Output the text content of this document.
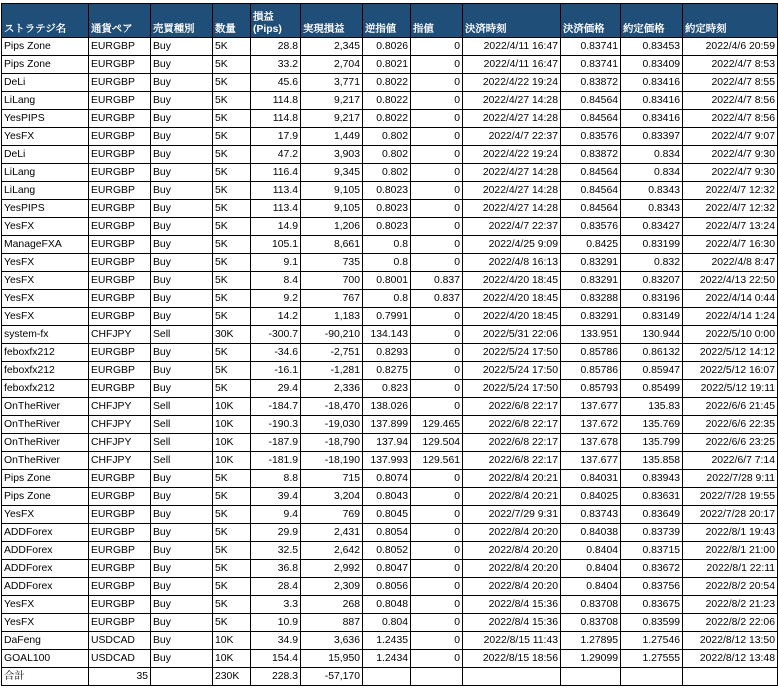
ストラテジ名	通貨ペア	売買種別	数量	損益
(Pips)	実現損益	逆指値	指値	決済時刻	決済価格	約定価格	約定時刻
Pips Zone	EURGBP	Buy	5K	28.8	2,345	0.8026	0	2022/4/11 16:47	0.83741	0.83453	2022/4/6 20:59
Pips Zone	EURGBP	Buy	5K	33.2	2,704	0.8021	0	2022/4/11 16:47	0.83741	0.83409	2022/4/7 8:53
DeLi	EURGBP	Buy	5K	45.6	3,771	0.8022	0	2022/4/22 19:24	0.83872	0.83416	2022/4/7 8:55
LiLang	EURGBP	Buy	5K	114.8	9,217	0.8022	0	2022/4/27 14:28	0.84564	0.83416	2022/4/7 8:56
YesPIPS	EURGBP	Buy	5K	114.8	9,217	0.8022	0	2022/4/27 14:28	0.84564	0.83416	2022/4/7 8:56
YesFX	EURGBP	Buy	5K	17.9	1,449	0.802	0	2022/4/7 22:37	0.83576	0.83397	2022/4/7 9:07
DeLi	EURGBP	Buy	5K	47.2	3,903	0.802	0	2022/4/22 19:24	0.83872	0.834	2022/4/7 9:30
LiLang	EURGBP	Buy	5K	116.4	9,345	0.802	0	2022/4/27 14:28	0.84564	0.834	2022/4/7 9:30
LiLang	EURGBP	Buy	5K	113.4	9,105	0.8023	0	2022/4/27 14:28	0.84564	0.8343	2022/4/7 12:32
YesPIPS	EURGBP	Buy	5K	113.4	9,105	0.8023	0	2022/4/27 14:28	0.84564	0.8343	2022/4/7 12:32
YesFX	EURGBP	Buy	5K	14.9	1,206	0.8023	0	2022/4/7 22:37	0.83576	0.83427	2022/4/7 13:24
ManageFXA	EURGBP	Buy	5K	105.1	8,661	0.8	0	2022/4/25 9:09	0.8425	0.83199	2022/4/7 16:30
YesFX	EURGBP	Buy	5K	9.1	735	0.8	0	2022/4/8 16:13	0.83291	0.832	2022/4/8 8:47
YesFX	EURGBP	Buy	5K	8.4	700	0.8001	0.837	2022/4/20 18:45	0.83291	0.83207	2022/4/13 22:50
YesFX	EURGBP	Buy	5K	9.2	767	0.8	0.837	2022/4/20 18:45	0.83288	0.83196	2022/4/14 0:44
YesFX	EURGBP	Buy	5K	14.2	1,183	0.7991	0	2022/4/20 18:45	0.83291	0.83149	2022/4/14 1:24
system-fx	CHFJPY	Sell	30K	-300.7	-90,210	134.143	0	2022/5/31 22:06	133.951	130.944	2022/5/10 0:00
feboxfx212	EURGBP	Buy	5K	-34.6	-2,751	0.8293	0	2022/5/24 17:50	0.85786	0.86132	2022/5/12 14:12
feboxfx212	EURGBP	Buy	5K	-16.1	-1,281	0.8275	0	2022/5/24 17:50	0.85786	0.85947	2022/5/12 16:07
feboxfx212	EURGBP	Buy	5K	29.4	2,336	0.823	0	2022/5/24 17:50	0.85793	0.85499	2022/5/12 19:11
OnTheRiver	CHFJPY	Sell	10K	-184.7	-18,470	138.026	0	2022/6/8 22:17	137.677	135.83	2022/6/6 21:45
OnTheRiver	CHFJPY	Sell	10K	-190.3	-19,030	137.899	129.465	2022/6/8 22:17	137.672	135.769	2022/6/6 22:35
OnTheRiver	CHFJPY	Sell	10K	-187.9	-18,790	137.94	129.504	2022/6/8 22:17	137.678	135.799	2022/6/6 23:25
OnTheRiver	CHFJPY	Sell	10K	-181.9	-18,190	137.993	129.561	2022/6/8 22:17	137.677	135.858	2022/6/7 7:14
Pips Zone	EURGBP	Buy	5K	8.8	715	0.8074	0	2022/8/4 20:21	0.84031	0.83943	2022/7/28 9:11
Pips Zone	EURGBP	Buy	5K	39.4	3,204	0.8043	0	2022/8/4 20:21	0.84025	0.83631	2022/7/28 19:55
YesFX	EURGBP	Buy	5K	9.4	769	0.8045	0	2022/7/29 9:31	0.83743	0.83649	2022/7/28 20:17
ADDForex	EURGBP	Buy	5K	29.9	2,431	0.8054	0	2022/8/4 20:20	0.84038	0.83739	2022/8/1 19:43
ADDForex	EURGBP	Buy	5K	32.5	2,642	0.8052	0	2022/8/4 20:20	0.8404	0.83715	2022/8/1 21:00
ADDForex	EURGBP	Buy	5K	36.8	2,992	0.8047	0	2022/8/4 20:20	0.8404	0.83672	2022/8/1 22:11
ADDForex	EURGBP	Buy	5K	28.4	2,309	0.8056	0	2022/8/4 20:20	0.8404	0.83756	2022/8/2 20:54
YesFX	EURGBP	Buy	5K	3.3	268	0.8048	0	2022/8/4 15:36	0.83708	0.83675	2022/8/2 21:23
YesFX	EURGBP	Buy	5K	10.9	887	0.804	0	2022/8/4 15:36	0.83708	0.83599	2022/8/2 22:06
DaFeng	USDCAD	Buy	10K	34.9	3,636	1.2435	0	2022/8/15 11:43	1.27895	1.27546	2022/8/12 13:50
GOAL100	USDCAD	Buy	10K	154.4	15,950	1.2434	0	2022/8/15 18:56	1.29099	1.27555	2022/8/12 13:48
合計	35		230K	228.3	-57,170						
